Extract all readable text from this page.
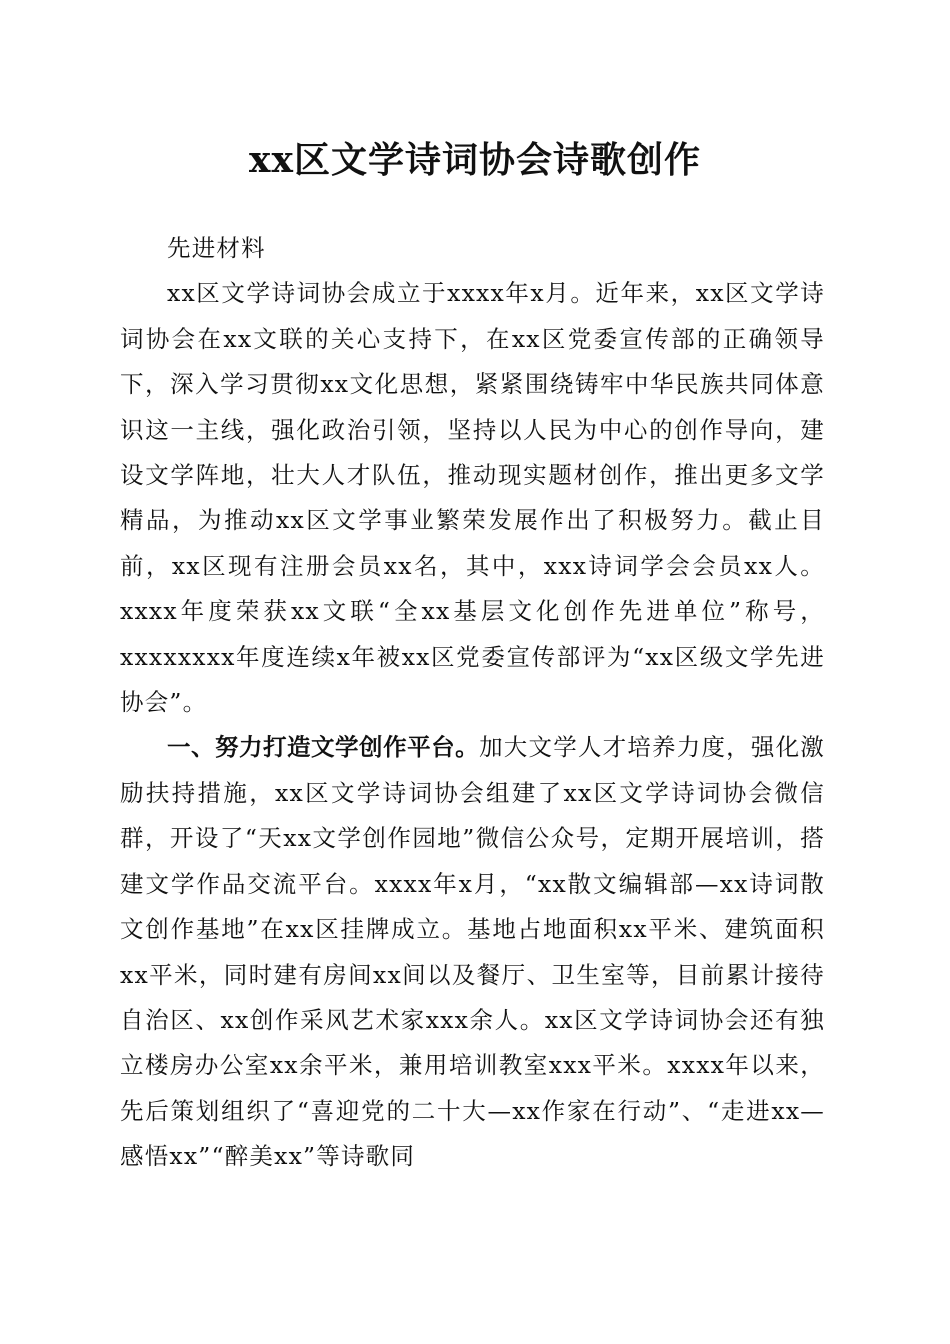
xx区文学诗词协会诗歌创作

先进材料

xx区文学诗词协会成立于xxxx年x月。近年来，xx区文学诗词协会在xx文联的关心支持下，在xx区党委宣传部的正确领导下，深入学习贯彻xx文化思想，紧紧围绕铸牢中华民族共同体意识这一主线，强化政治引领，坚持以人民为中心的创作导向，建设文学阵地，壮大人才队伍，推动现实题材创作，推出更多文学精品，为推动xx区文学事业繁荣发展作出了积极努力。截止目前，xx区现有注册会员xx名，其中，xxx诗词学会会员xx人。xxxx年度荣获xx文联“全xx基层文化创作先进单位”称号，xxxxxxxx年度连续x年被xx区党委宣传部评为“xx区级文学先进协会”。

一、努力打造文学创作平台。加大文学人才培养力度，强化激励扶持措施，xx区文学诗词协会组建了xx区文学诗词协会微信群，开设了“天xx文学创作园地”微信公众号，定期开展培训，搭建文学作品交流平台。xxxx年x月，“xx散文编辑部—xx诗词散文创作基地”在xx区挂牌成立。基地占地面积xx平米、建筑面积xx平米，同时建有房间xx间以及餐厅、卫生室等，目前累计接待自治区、xx创作采风艺术家xxx余人。xx区文学诗词协会还有独立楼房办公室xx余平米，兼用培训教室xxx平米。xxxx年以来，先后策划组织了“喜迎党的二十大—xx作家在行动”、“走进xx—感悟xx”“醉美xx”等诗歌同
